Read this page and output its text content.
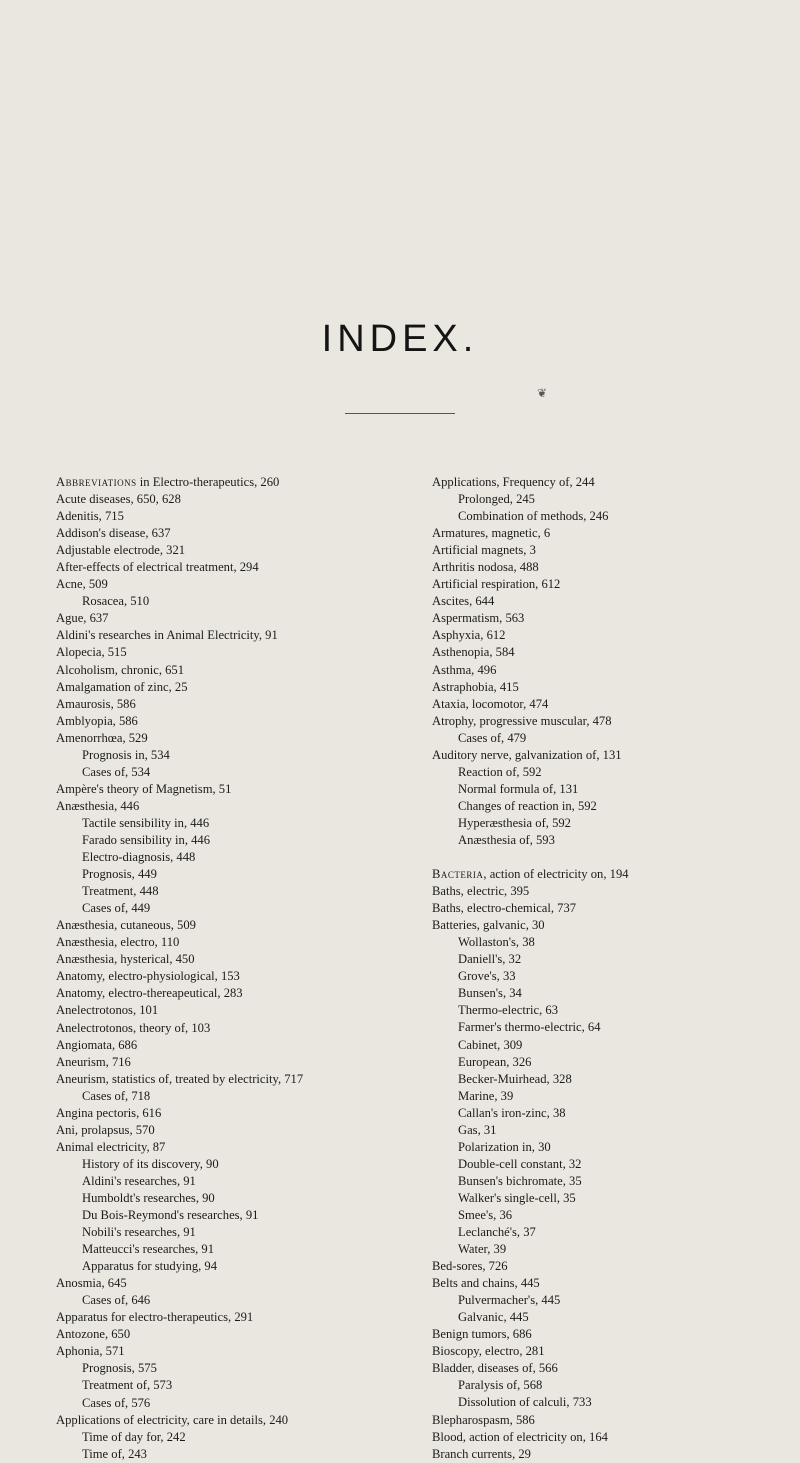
INDEX.
❦
Abbreviations in Electro-therapeutics, 260
Acute diseases, 650, 628
Adenitis, 715
Addison's disease, 637
Adjustable electrode, 321
After-effects of electrical treatment, 294
Acne, 509
Rosacea, 510
Ague, 637
Aldini's researches in Animal Electricity, 91
Alopecia, 515
Alcoholism, chronic, 651
Amalgamation of zinc, 25
Amaurosis, 586
Amblyopia, 586
Amenorrhœa, 529
Prognosis in, 534
Cases of, 534
Ampère's theory of Magnetism, 51
Anæsthesia, 446
Tactile sensibility in, 446
Farado sensibility in, 446
Electro-diagnosis, 448
Prognosis, 449
Treatment, 448
Cases of, 449
Anæsthesia, cutaneous, 509
Anæsthesia, electro, 110
Anæsthesia, hysterical, 450
Anatomy, electro-physiological, 153
Anatomy, electro-thereapeutical, 283
Anelectrotonos, 101
Anelectrotonos, theory of, 103
Angiomata, 686
Aneurism, 716
Aneurism, statistics of, treated by electricity, 717
Cases of, 718
Angina pectoris, 616
Ani, prolapsus, 570
Animal electricity, 87
History of its discovery, 90
Aldini's researches, 91
Humboldt's researches, 90
Du Bois-Reymond's researches, 91
Nobili's researches, 91
Matteucci's researches, 91
Apparatus for studying, 94
Anosmia, 645
Cases of, 646
Apparatus for electro-therapeutics, 291
Antozone, 650
Aphonia, 571
Prognosis, 575
Treatment of, 573
Cases of, 576
Applications of electricity, care in details, 240
Time of day for, 242
Time of, 243
Applications, Frequency of, 244
Prolonged, 245
Combination of methods, 246
Armatures, magnetic, 6
Artificial magnets, 3
Arthritis nodosa, 488
Artificial respiration, 612
Ascites, 644
Aspermatism, 563
Asphyxia, 612
Asthenopia, 584
Asthma, 496
Astraphobia, 415
Ataxia, locomotor, 474
Atrophy, progressive muscular, 478
Cases of, 479
Auditory nerve, galvanization of, 131
Reaction of, 592
Normal formula of, 131
Changes of reaction in, 592
Hyperæsthesia of, 592
Anæsthesia of, 593
Bacteria, action of electricity on, 194
Baths, electric, 395
Baths, electro-chemical, 737
Batteries, galvanic, 30
Wollaston's, 38
Daniell's, 32
Grove's, 33
Bunsen's, 34
Thermo-electric, 63
Farmer's thermo-electric, 64
Cabinet, 309
European, 326
Becker-Muirhead, 328
Marine, 39
Callan's iron-zinc, 38
Gas, 31
Polarization in, 30
Double-cell constant, 32
Bunsen's bichromate, 35
Walker's single-cell, 35
Smee's, 36
Leclanché's, 37
Water, 39
Bed-sores, 726
Belts and chains, 445
Pulvermacher's, 445
Galvanic, 445
Benign tumors, 686
Bioscopy, electro, 281
Bladder, diseases of, 566
Paralysis of, 568
Dissolution of calculi, 733
Blepharospasm, 586
Blood, action of electricity on, 164
Branch currents, 29
